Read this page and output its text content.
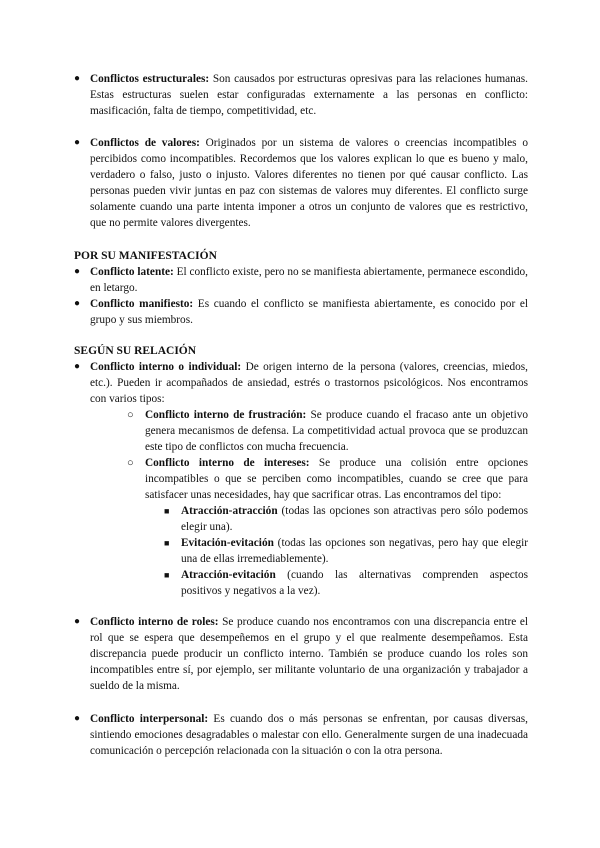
● Conflictos estructurales: Son causados por estructuras opresivas para las relaciones humanas. Estas estructuras suelen estar configuradas externamente a las personas en conflicto: masificación, falta de tiempo, competitividad, etc.
● Conflictos de valores: Originados por un sistema de valores o creencias incompatibles o percibidos como incompatibles. Recordemos que los valores explican lo que es bueno y malo, verdadero o falso, justo o injusto. Valores diferentes no tienen por qué causar conflicto. Las personas pueden vivir juntas en paz con sistemas de valores muy diferentes. El conflicto surge solamente cuando una parte intenta imponer a otros un conjunto de valores que es restrictivo, que no permite valores divergentes.
POR SU MANIFESTACIÓN
● Conflicto latente: El conflicto existe, pero no se manifiesta abiertamente, permanece escondido, en letargo.
● Conflicto manifiesto: Es cuando el conflicto se manifiesta abiertamente, es conocido por el grupo y sus miembros.
SEGÚN SU RELACIÓN
● Conflicto interno o individual: De origen interno de la persona (valores, creencias, miedos, etc.). Pueden ir acompañados de ansiedad, estrés o trastornos psicológicos. Nos encontramos con varios tipos:
○ Conflicto interno de frustración: Se produce cuando el fracaso ante un objetivo genera mecanismos de defensa. La competitividad actual provoca que se produzcan este tipo de conflictos con mucha frecuencia.
○ Conflicto interno de intereses: Se produce una colisión entre opciones incompatibles o que se perciben como incompatibles, cuando se cree que para satisfacer unas necesidades, hay que sacrificar otras. Las encontramos del tipo:
■ Atracción-atracción (todas las opciones son atractivas pero sólo podemos elegir una).
■ Evitación-evitación (todas las opciones son negativas, pero hay que elegir una de ellas irremediablemente).
■ Atracción-evitación (cuando las alternativas comprenden aspectos positivos y negativos a la vez).
● Conflicto interno de roles: Se produce cuando nos encontramos con una discrepancia entre el rol que se espera que desempeñemos en el grupo y el que realmente desempeñamos. Esta discrepancia puede producir un conflicto interno. También se produce cuando los roles son incompatibles entre sí, por ejemplo, ser militante voluntario de una organización y trabajador a sueldo de la misma.
● Conflicto interpersonal: Es cuando dos o más personas se enfrentan, por causas diversas, sintiendo emociones desagradables o malestar con ello. Generalmente surgen de una inadecuada comunicación o percepción relacionada con la situación o con la otra persona.
